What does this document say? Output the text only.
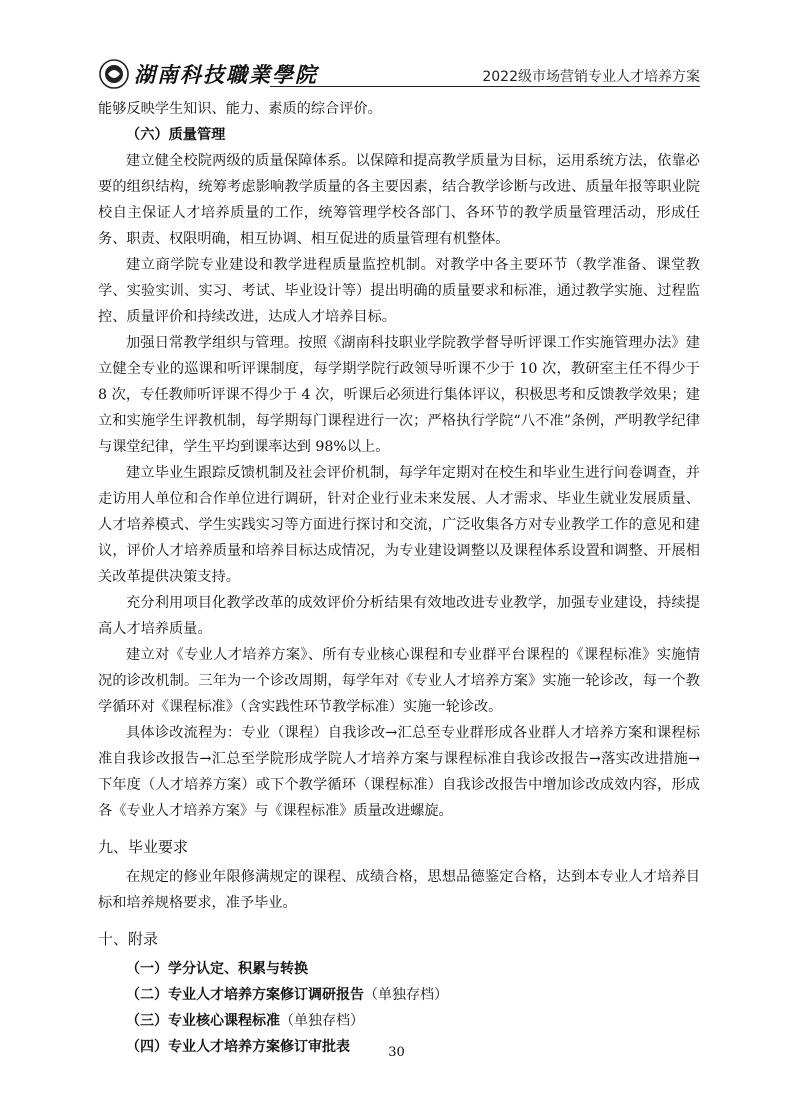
湖南科技職業學院	2022级市场营销专业人才培养方案

能够反映学生知识、能力、素质的综合评价。

（六）质量管理

建立健全校院两级的质量保障体系。以保障和提高教学质量为目标，运用系统方法，依靠必要的组织结构，统筹考虑影响教学质量的各主要因素，结合教学诊断与改进、质量年报等职业院校自主保证人才培养质量的工作，统筹管理学校各部门、各环节的教学质量管理活动，形成任务、职责、权限明确，相互协调、相互促进的质量管理有机整体。

建立商学院专业建设和教学进程质量监控机制。对教学中各主要环节（教学准备、课堂教学、实验实训、实习、考试、毕业设计等）提出明确的质量要求和标准，通过教学实施、过程监控、质量评价和持续改进，达成人才培养目标。

加强日常教学组织与管理。按照《湖南科技职业学院教学督导听评课工作实施管理办法》建立健全专业的巡课和听评课制度，每学期学院行政领导听课不少于 10 次，教研室主任不得少于 8 次，专任教师听评课不得少于 4 次，听课后必须进行集体评议，积极思考和反馈教学效果；建立和实施学生评教机制，每学期每门课程进行一次；严格执行学院“八不准”条例，严明教学纪律与课堂纪律，学生平均到课率达到 98%以上。

建立毕业生跟踪反馈机制及社会评价机制，每学年定期对在校生和毕业生进行问卷调查，并走访用人单位和合作单位进行调研，针对企业行业未来发展、人才需求、毕业生就业发展质量、人才培养模式、学生实践实习等方面进行探讨和交流，广泛收集各方对专业教学工作的意见和建议，评价人才培养质量和培养目标达成情况，为专业建设调整以及课程体系设置和调整、开展相关改革提供决策支持。

充分利用项目化教学改革的成效评价分析结果有效地改进专业教学，加强专业建设，持续提高人才培养质量。

建立对《专业人才培养方案》、所有专业核心课程和专业群平台课程的《课程标准》实施情况的诊改机制。三年为一个诊改周期，每学年对《专业人才培养方案》实施一轮诊改，每一个教学循环对《课程标准》（含实践性环节教学标准）实施一轮诊改。

具体诊改流程为：专业（课程）自我诊改→汇总至专业群形成各业群人才培养方案和课程标准自我诊改报告→汇总至学院形成学院人才培养方案与课程标准自我诊改报告→落实改进措施→下年度（人才培养方案）或下个教学循环（课程标准）自我诊改报告中增加诊改成效内容，形成各《专业人才培养方案》与《课程标准》质量改进螺旋。

九、毕业要求

在规定的修业年限修满规定的课程、成绩合格，思想品德鉴定合格，达到本专业人才培养目标和培养规格要求，准予毕业。

十、附录
（一）学分认定、积累与转换
（二）专业人才培养方案修订调研报告（单独存档）
（三）专业核心课程标准（单独存档）
（四）专业人才培养方案修订审批表	30
